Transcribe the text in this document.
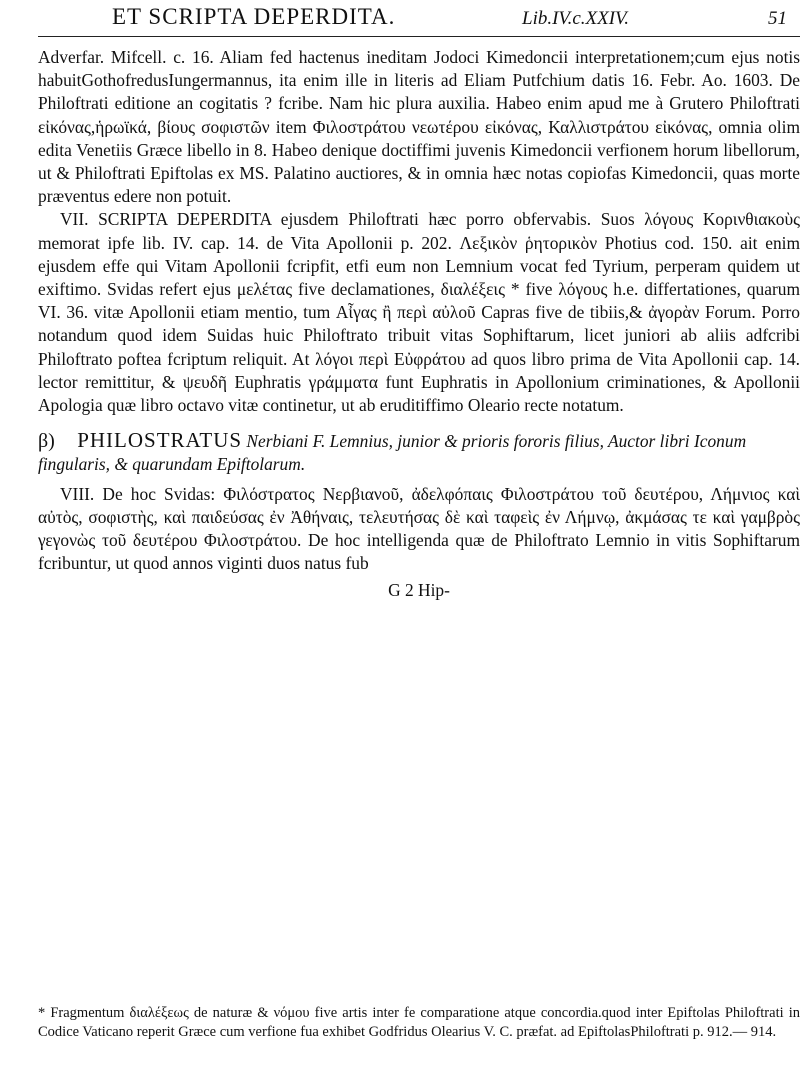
ET SCRIPTA DEPERDITA.	Lib.IV.c.XXIV.	51

Adverfar. Mifcell. c. 16. Aliam fed hactenus ineditam Jodoci Kimedoncii interpretationem;cum ejus notis habuitGothofredusIungermannus, ita enim ille in literis ad Eliam Putfchium datis 16. Febr. Ao. 1603. De Philoftrati editione an cogitatis ? fcribe. Nam hic plura auxilia. Habeo enim apud me à Grutero Philoftrati εἰκόνας,ἡρωϊκά, βίους σοφιστῶν item Φιλοστράτου νεωτέρου εἰκόνας, Καλλιστράτου εἰκόνας, omnia olim edita Venetiis Græce libello in 8. Habeo denique doctiffimi juvenis Kimedoncii verfionem horum libellorum, ut & Philoftrati Epiftolas ex MS. Palatino auctiores, & in omnia hæc notas copiofas Kimedoncii, quas morte præventus edere non potuit.

VII. SCRIPTA DEPERDITA ejusdem Philoftrati hæc porro obfervabis. Suos λόγους Κορινθιακοὺς memorat ipfe lib. IV. cap. 14. de Vita Apollonii p. 202. Λεξικὸν ῥητορικὸν Photius cod. 150. ait enim ejusdem effe qui Vitam Apollonii fcripfit, etfi eum non Lemnium vocat fed Tyrium, perperam quidem ut exiftimo. Svidas refert ejus μελέτας five declamationes, διαλέξεις * five λόγους h.e. differtationes, quarum VI. 36. vitæ Apollonii etiam mentio, tum Αἶγας ἢ περὶ αὐλοῦ Capras five de tibiis,& ἀγορὰν Forum. Porro notandum quod idem Suidas huic Philoftrato tribuit vitas Sophiftarum, licet juniori ab aliis adfcribi Philoftrato poftea fcriptum reliquit. At λόγοι περὶ Εὐφράτου ad quos libro prima de Vita Apollonii cap. 14. lector remittitur, & ψευδῆ Euphratis γράμματα funt Euphratis in Apollonium criminationes, & Apollonii Apologia quæ libro octavo vitæ continetur, ut ab eruditiffimo Oleario recte notatum.

β) PHILOSTRATUS Nerbiani F. Lemnius, junior & prioris fororis filius, Auctor libri Iconum fingularis, & quarundam Epiftolarum.

VIII. De hoc Svidas: Φιλόστρατος Νερβιανοῦ, ἀδελφόπαις Φιλοστράτου τοῦ δευτέρου, Λήμνιος καὶ αὐτὸς, σοφιστὴς, καὶ παιδεύσας ἐν Ἀθήναις, τελευτήσας δὲ καὶ ταφεὶς ἐν Λήμνῳ, ἀκμάσας τε καὶ γαμβρὸς γεγονὼς τοῦ δευτέρου Φιλοστράτου. De hoc intelligenda quæ de Philoftrato Lemnio in vitis Sophiftarum fcribuntur, ut quod annos viginti duos natus fub

G 2 Hip-

* Fragmentum διαλέξεως de naturæ & νόμου five artis inter fe comparatione atque concordia.quod inter Epiftolas Philoftrati in Codice Vaticano reperit Græce cum verfione fua exhibet Godfridus Olearius V. C. præfat. ad EpiftolasPhiloftrati p. 912.— 914.
